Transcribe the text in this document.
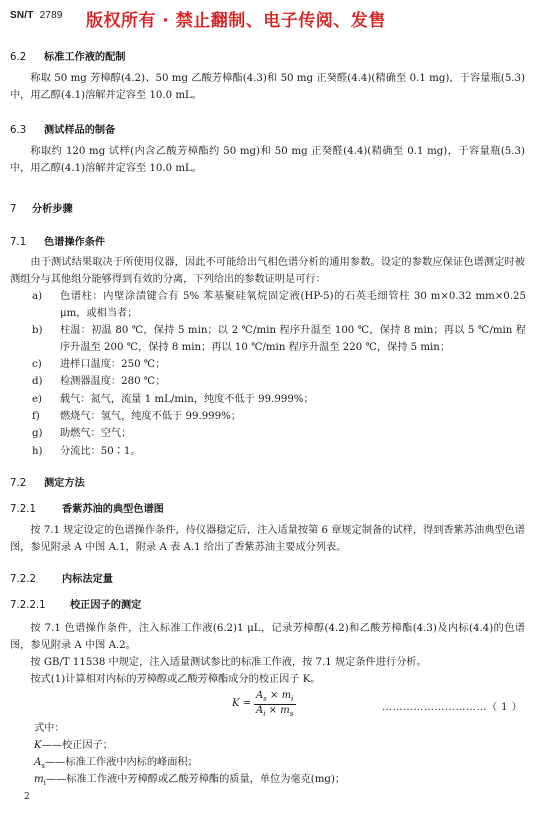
SN/T 2789 版权所有 · 禁止翻制、电子传阅、发售
6.2 标准工作液的配制
称取 50 mg 芳樟醇(4.2)、50 mg 乙酸芳樟酯(4.3)和 50 mg 正癸醛(4.4)(精确至 0.1 mg)，于容量瓶(5.3)中，用乙醇(4.1)溶解并定容至 10.0 mL。
6.3 测试样品的制备
称取约 120 mg 试样(内含乙酸芳樟酯约 50 mg)和 50 mg 正癸醛(4.4)(精确至 0.1 mg)，于容量瓶(5.3)中，用乙醇(4.1)溶解并定容至 10.0 mL。
7 分析步骤
7.1 色谱操作条件
由于测试结果取决于所使用仪器，因此不可能给出气相色谱分析的通用参数。设定的参数应保证色谱测定时被测组分与其他组分能够得到有效的分离，下列给出的参数证明是可行：
a)	色谱柱：内壁涂渍键合有 5% 苯基聚硅氧烷固定液(HP-5)的石英毛细管柱 30 m×0.32 mm×0.25 μm，或相当者；
b)	柱温：初温 80 ℃，保持 5 min；以 2 ℃/min 程序升温至 100 ℃，保持 8 min；再以 5 ℃/min 程序升温至 200 ℃，保持 8 min；再以 10 ℃/min 程序升温至 220 ℃，保持 5 min；
c)	进样口温度：250 ℃；
d)	检测器温度：280 ℃；
e)	载气：氮气，流量 1 mL/min，纯度不低于 99.999%；
f)	燃烧气：氢气，纯度不低于 99.999%；
g)	助燃气：空气；
h)	分流比：50∶1。
7.2 测定方法
7.2.1	香紫苏油的典型色谱图
按 7.1 规定设定的色谱操作条件，待仪器稳定后，注入适量按第 6 章规定制备的试样，得到香紫苏油典型色谱图，参见附录 A 中图 A.1，附录 A 表 A.1 给出了香紫苏油主要成分列表。
7.2.2	内标法定量
7.2.2.1 校正因子的测定
按 7.1 色谱操作条件，注入标准工作液(6.2)1 μL，记录芳樟醇(4.2)和乙酸芳樟酯(4.3)及内标(4.4)的色谱图，参见附录 A 中图 A.2。
按 GB/T 11538 中规定，注入适量测试参比的标准工作液，按 7.1 规定条件进行分析。
按式(1)计算相对内标的芳樟醇或乙酸芳樟酯成分的校正因子 K。
K =
$A_s \times m_i$
$A_i \times m_s$
…………………………（ 1 ）
式中：
K——校正因子；
$A_s——$标准工作液中内标的峰面积；
$m_i——$标准工作液中芳樟醇或乙酸芳樟酯的质量，单位为毫克(mg)；
2
